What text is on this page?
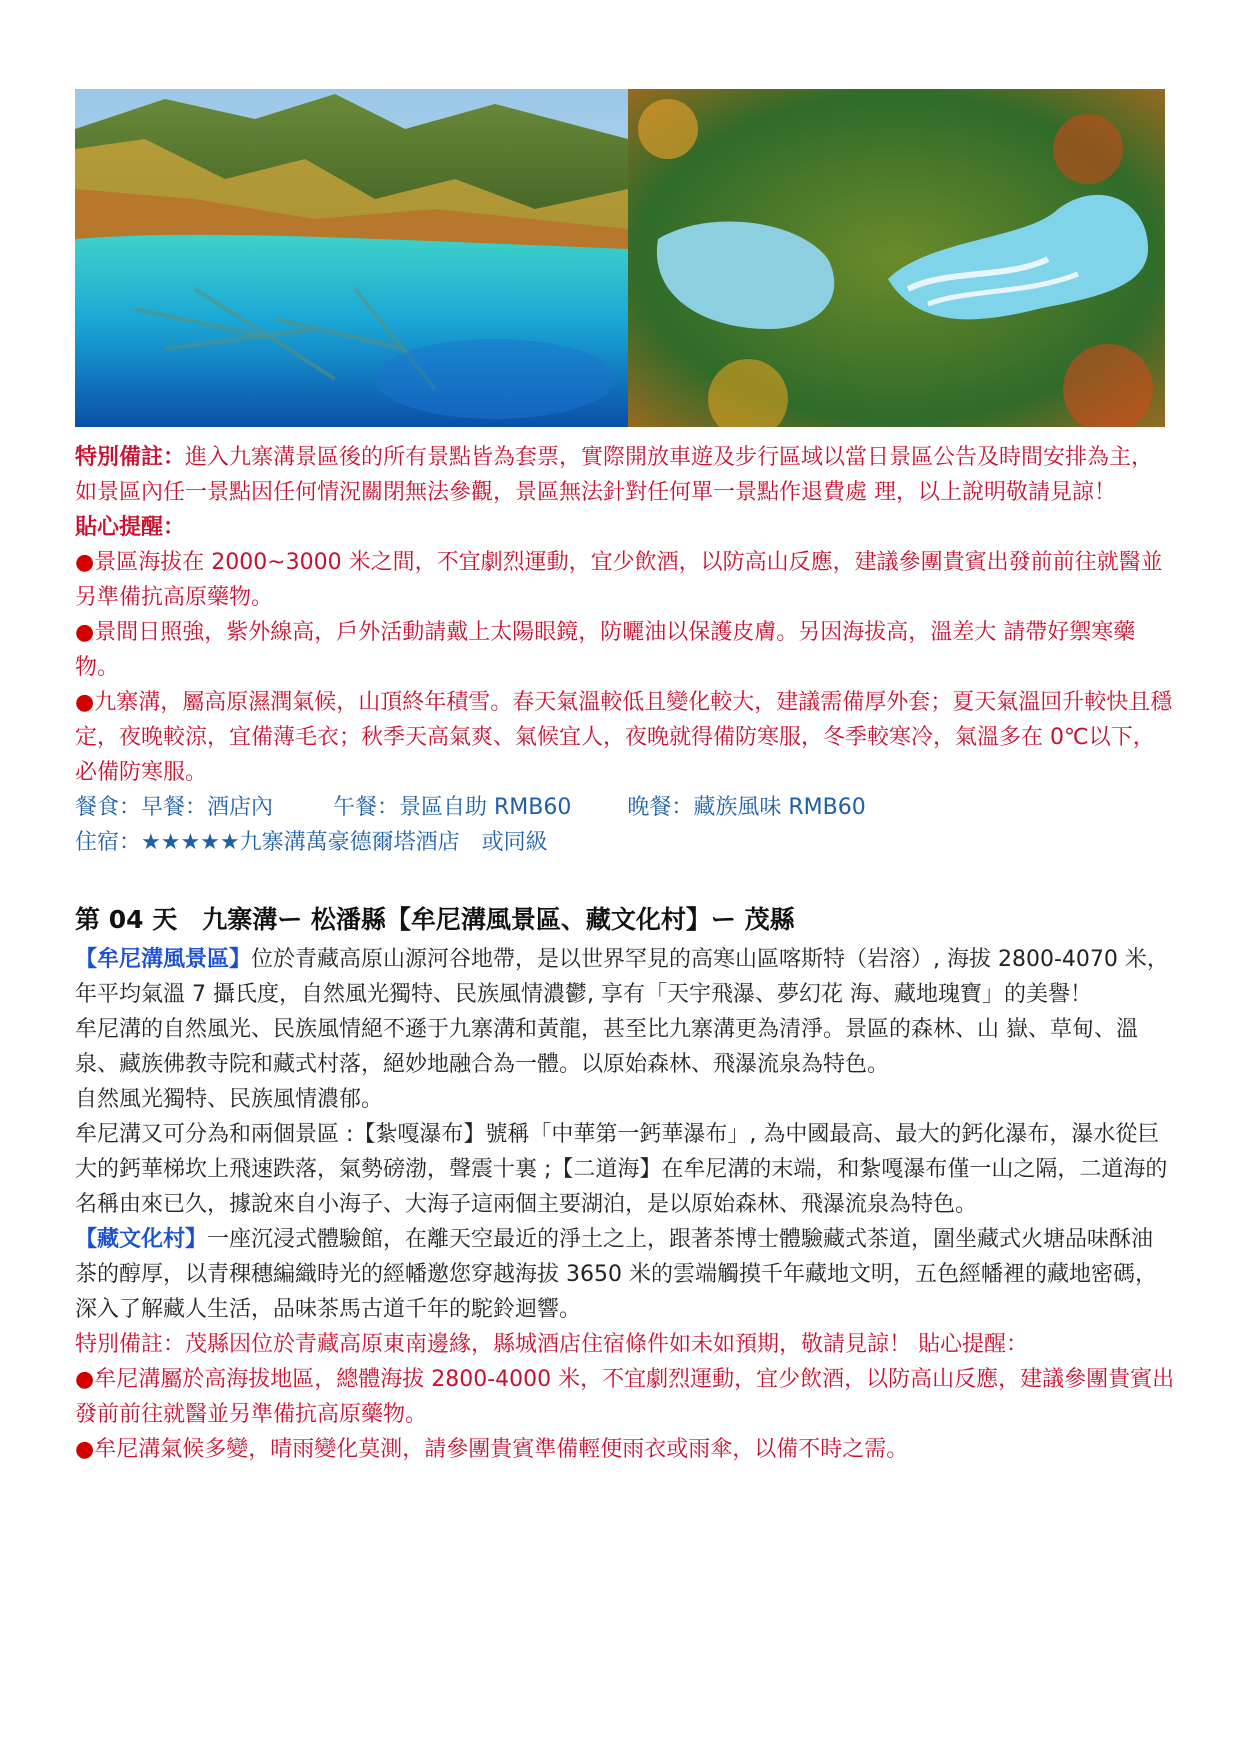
特別備註：進入九寨溝景區後的所有景點皆為套票，實際開放車遊及步行區域以當日景區公告及時間安排為主，　如景區內任一景點因任何情況關閉無法參觀，景區無法針對任何單一景點作退費處 理，以上說明敬請見諒！

貼心提醒：

●景區海拔在 2000~3000 米之間，不宜劇烈運動，宜少飲酒，以防高山反應，建議參團貴賓出發前前往就醫並另準備抗高原藥物。

●景間日照強，紫外線高，戶外活動請戴上太陽眼鏡，防曬油以保護皮膚。另因海拔高，溫差大 請帶好禦寒藥物。

●九寨溝，屬高原濕潤氣候，山頂終年積雪。春天氣溫較低且變化較大，建議需備厚外套；夏天氣溫回升較快且穩定，夜晚較涼，宜備薄毛衣；秋季天高氣爽、氣候宜人，夜晚就得備防寒服，冬季較寒冷，氣溫多在 0℃以下，必備防寒服。

餐食：早餐：酒店內	午餐：景區自助 RMB60	晚餐：藏族風味 RMB60

住宿：★★★★★九寨溝萬豪德爾塔酒店　或同級

第 04 天　九寨溝ー 松潘縣【牟尼溝風景區、藏文化村】ー 茂縣

【牟尼溝風景區】位於青藏高原山源河谷地帶，是以世界罕見的高寒山區喀斯特（岩溶）, 海拔 2800-4070 米，年平均氣溫 7 攝氏度，自然風光獨特、民族風情濃鬱, 享有「天宇飛瀑、夢幻花 海、藏地瑰寶」的美譽！

牟尼溝的自然風光、民族風情絕不遜于九寨溝和黃龍，甚至比九寨溝更為清淨。景區的森林、山 嶽、草甸、溫泉、藏族佛教寺院和藏式村落，絕妙地融合為一體。以原始森林、飛瀑流泉為特色。

自然風光獨特、民族風情濃郁。

牟尼溝又可分為和兩個景區 :【紮嘎瀑布】號稱「中華第一鈣華瀑布」, 為中國最高、最大的鈣化瀑布，瀑水從巨大的鈣華梯坎上飛速跌落，氣勢磅渤，聲震十裏 ;【二道海】在牟尼溝的末端，和紮嘎瀑布僅一山之隔，二道海的名稱由來已久，據說來自小海子、大海子這兩個主要湖泊，是以原始森林、飛瀑流泉為特色。

【藏文化村】一座沉浸式體驗館，在離天空最近的淨土之上，跟著茶博士體驗藏式茶道，圍坐藏式火塘品味酥油茶的醇厚，以青稞穗編織時光的經幡邀您穿越海拔 3650 米的雲端觸摸千年藏地文明，五色經幡裡的藏地密碼，深入了解藏人生活，品味茶馬古道千年的駝鈴迴響。

特別備註：茂縣因位於青藏高原東南邊緣，縣城酒店住宿條件如未如預期，敬請見諒！ 貼心提醒：

●牟尼溝屬於高海拔地區，總體海拔 2800-4000 米，不宜劇烈運動，宜少飲酒，以防高山反應，建議參團貴賓出發前前往就醫並另準備抗高原藥物。

●牟尼溝氣候多變，晴雨變化莫測，請參團貴賓準備輕便雨衣或雨傘，以備不時之需。
